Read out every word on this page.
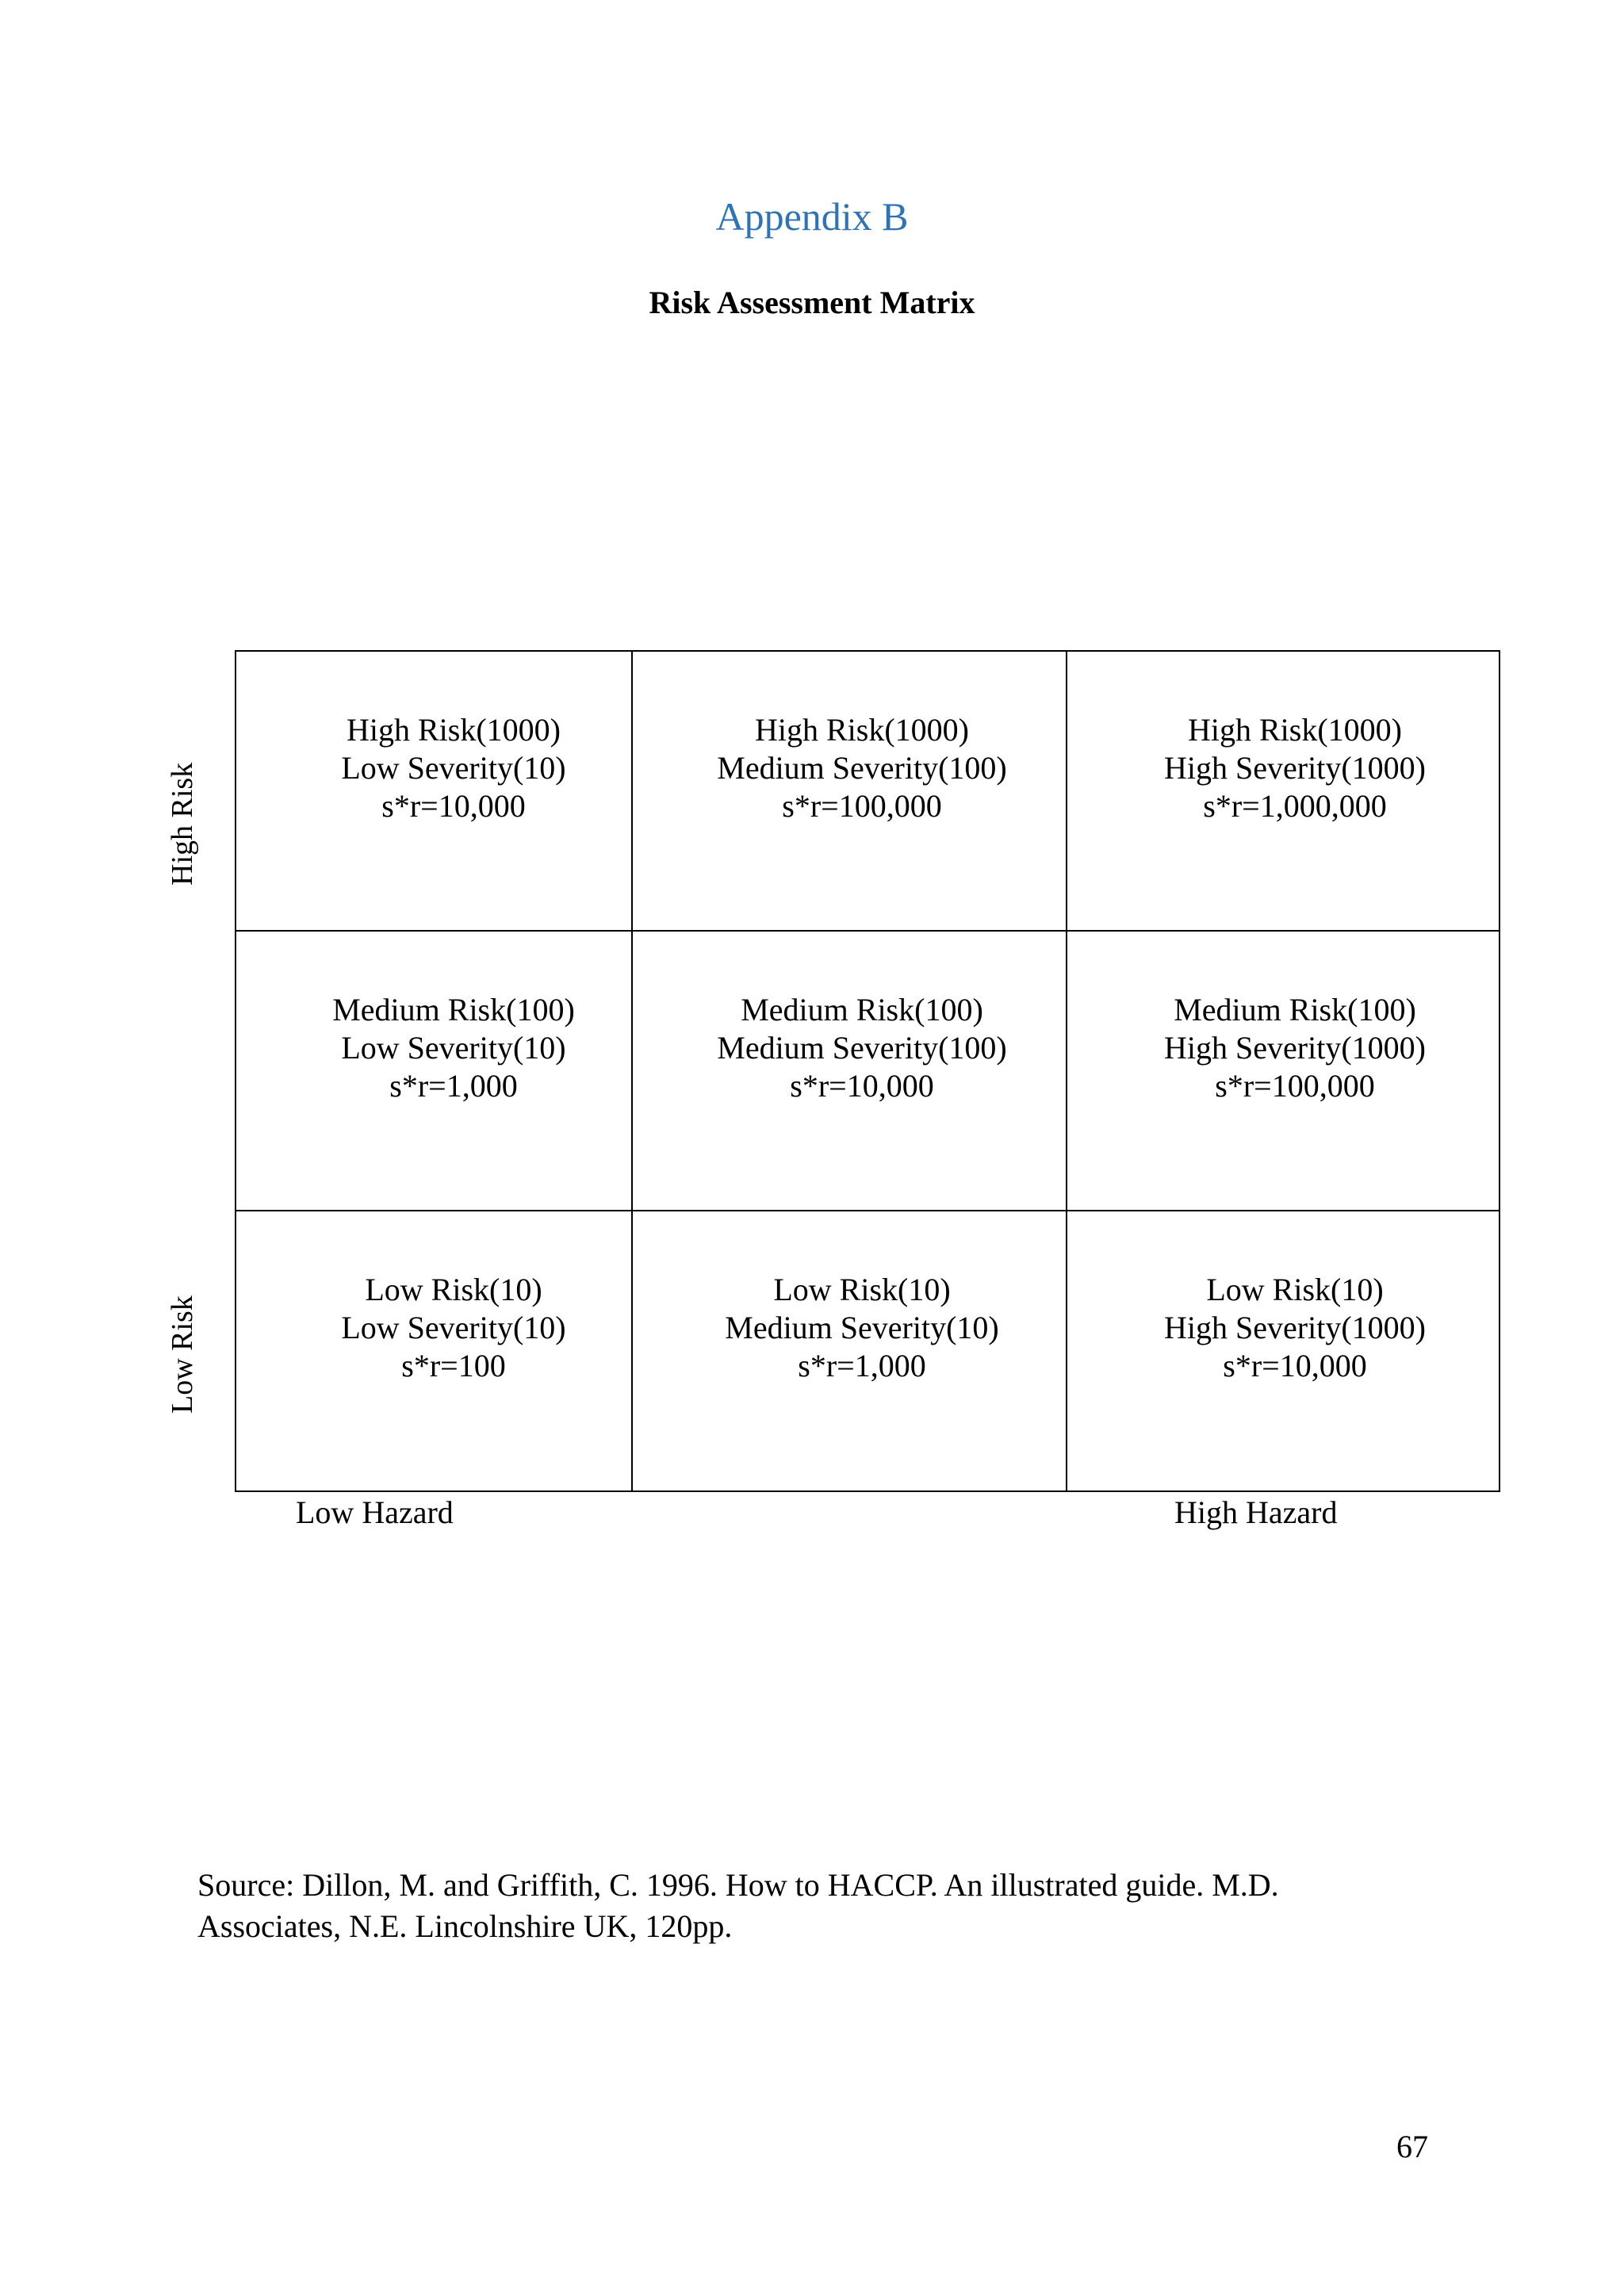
Appendix B
Risk Assessment Matrix
High Risk
Low Risk
High Risk(1000)
Low Severity(10)
s*r=10,000
High Risk(1000)
Medium Severity(100)
s*r=100,000
High Risk(1000)
High Severity(1000)
s*r=1,000,000
Medium Risk(100)
Low Severity(10)
s*r=1,000
Medium Risk(100)
Medium Severity(100)
s*r=10,000
Medium Risk(100)
High Severity(1000)
s*r=100,000
Low Risk(10)
Low Severity(10)
s*r=100
Low Risk(10)
Medium Severity(10)
s*r=1,000
Low Risk(10)
High Severity(1000)
s*r=10,000
Low Hazard	High Hazard

Source: Dillon, M. and Griffith, C. 1996. How to HACCP. An illustrated guide. M.D.
Associates, N.E. Lincolnshire UK, 120pp.

67
